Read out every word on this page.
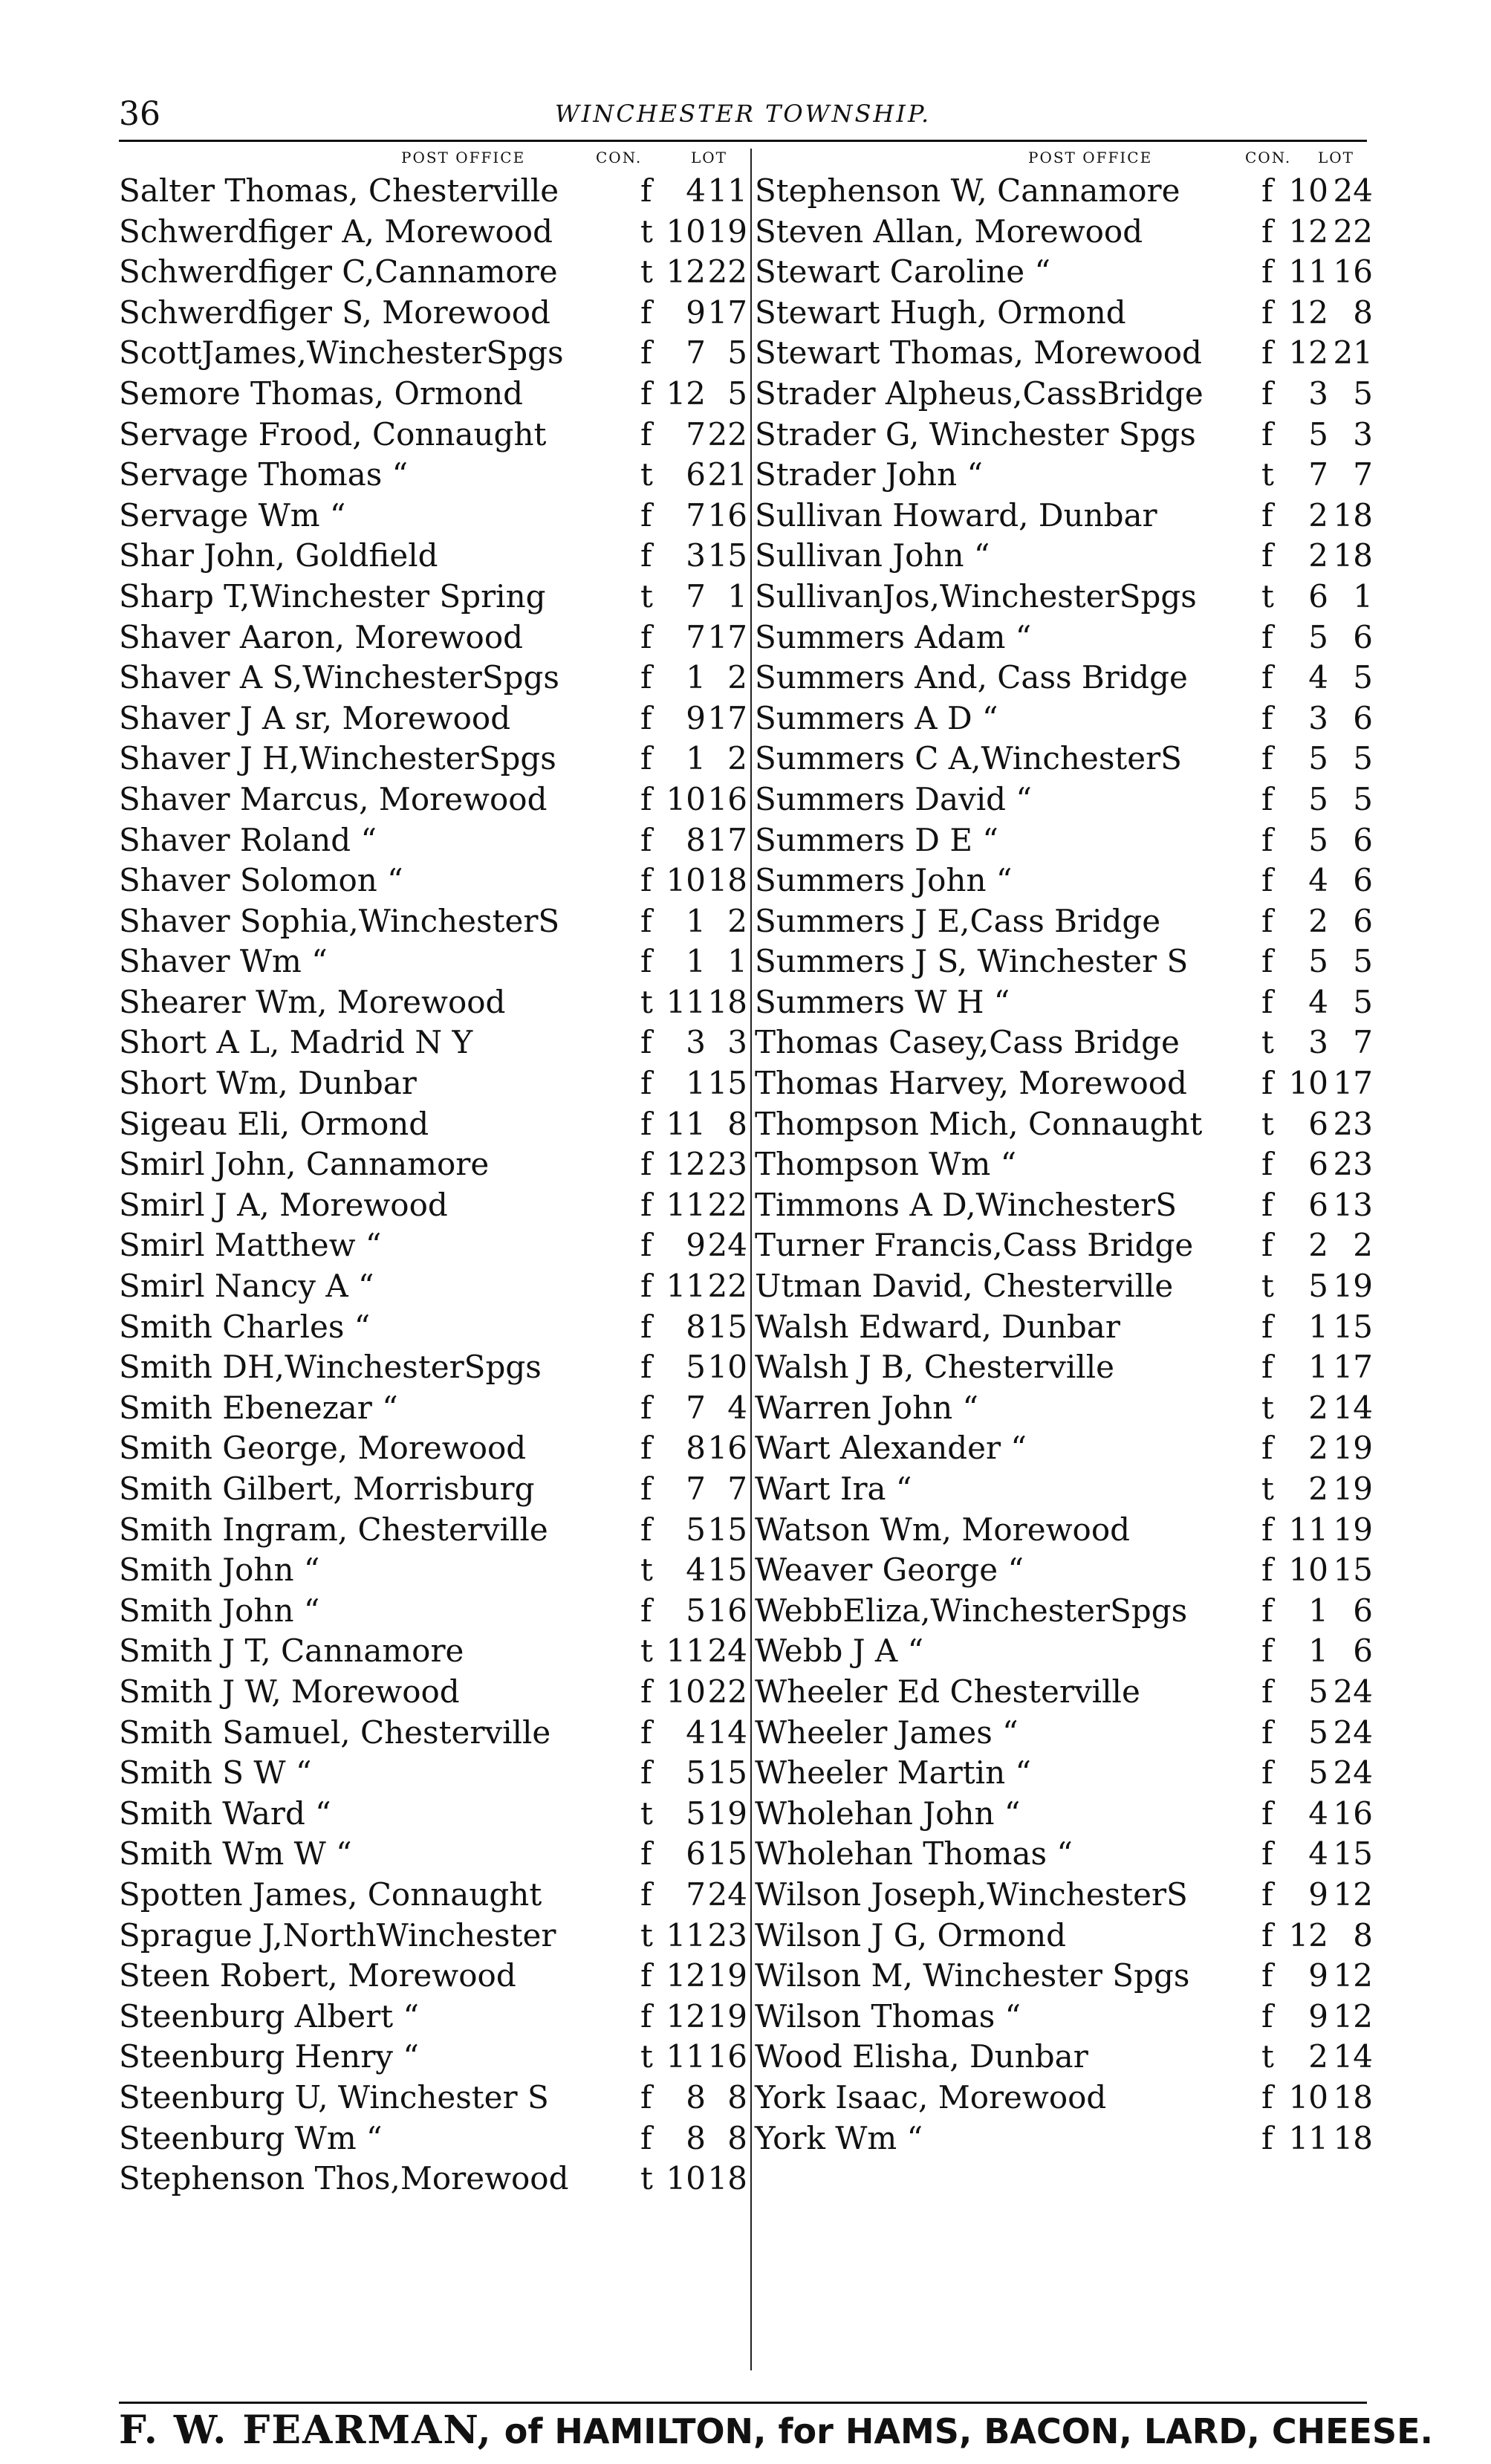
36	WINCHESTER TOWNSHIP.
POST OFFICE	CON.	LOT
Salter Thomas, Chesterville	f	4 11
Schwerdfiger A, Morewood	t 10 19
Schwerdfiger C,Cannamore	t 12 22
Schwerdfiger S, Morewood	f	9 17
ScottJames,WinchesterSpgs f	7 5
Semore Thomas, Ormond	f 12 5
Servage Frood, Connaught	f	7 22
Servage Thomas “	t	6 21
Servage Wm “	f	7 16
Shar John, Goldfield	f	3 15
Sharp T,Winchester Spring	t	7 1
Shaver Aaron, Morewood	f	7 17
Shaver A S,WinchesterSpgs	f	1 2
Shaver J A sr, Morewood	f	9 17
Shaver J H,WinchesterSpgs	f	1 2
Shaver Marcus, Morewood	f 10 16
Shaver Roland “	f	8 17
Shaver Solomon “	f 10 18
Shaver Sophia,WinchesterS	f	1 2
Shaver Wm “	f	1 1
Shearer Wm, Morewood	t 11 18
Short A L, Madrid N Y	f	3 3
Short Wm, Dunbar	f	1 15
Sigeau Eli, Ormond	f 11 8
Smirl John, Cannamore	f 12 23
Smirl J A, Morewood	f 11 22
Smirl Matthew “	f	9 24
Smirl Nancy A “	f 11 22
Smith Charles “	f	8 15
Smith DH,WinchesterSpgs	f	5 10
Smith Ebenezar “	f	7 4
Smith George, Morewood	f	8 16
Smith Gilbert, Morrisburg	f	7 7
Smith Ingram, Chesterville	f	5 15
Smith John “	t	4 15
Smith John “	f	5 16
Smith J T, Cannamore	t 11 24
Smith J W, Morewood	f 10 22
Smith Samuel, Chesterville	f	4 14
Smith S W “	f	5 15
Smith Ward “	t	5 19
Smith Wm W “	f	6 15
Spotten James, Connaught	f	7 24
Sprague J,NorthWinchester	t 11 23
Steen Robert, Morewood	f 12 19
Steenburg Albert “	f 12 19
Steenburg Henry “	t 11 16
Steenburg U, Winchester S	f	8 8
Steenburg Wm “	f	8 8
Stephenson Thos,Morewood t 10 18
POST OFFICE	CON. LOT
Stephenson W, Cannamore	f 10 24
Steven Allan, Morewood	f 12 22
Stewart Caroline “	f 11 16
Stewart Hugh, Ormond	f 12 8
Stewart Thomas, Morewood f 12 21
Strader Alpheus,CassBridge f	3 5
Strader G, Winchester Spgs f	5 3
Strader John “	t	7 7
Sullivan Howard, Dunbar	f	2 18
Sullivan John “	f	2 18
SullivanJos,WinchesterSpgs t	6 1
Summers Adam “	f	5 6
Summers And, Cass Bridge f	4 5
Summers A D “	f	3 6
Summers C A,WinchesterS	f	5 5
Summers David “	f	5 5
Summers D E “	f	5 6
Summers John “	f	4 6
Summers J E,Cass Bridge	f	2 6
Summers J S, Winchester S f	5 5
Summers W H “	f	4 5
Thomas Casey,Cass Bridge	t	3 7
Thomas Harvey, Morewood f 10 17
Thompson Mich, Connaught t	6 23
Thompson Wm “	f	6 23
Timmons A D,WinchesterS	f	6 13
Turner Francis,Cass Bridge f	2 2
Utman David, Chesterville	t	5 19
Walsh Edward, Dunbar	f	1 15
Walsh J B, Chesterville	f	1 17
Warren John “	t	2 14
Wart Alexander “	f	2 19
Wart Ira “	t	2 19
Watson Wm, Morewood	f 11 19
Weaver George “	f 10 15
WebbEliza,WinchesterSpgs f	1 6
Webb J A “	f	1 6
Wheeler Ed Chesterville	f	5 24
Wheeler James “	f	5 24
Wheeler Martin “	f	5 24
Wholehan John “	f	4 16
Wholehan Thomas “	f	4 15
Wilson Joseph,WinchesterS f	9 12
Wilson J G, Ormond	f 12 8
Wilson M, Winchester Spgs f	9 12
Wilson Thomas “	f	9 12
Wood Elisha, Dunbar	t	2 14
York Isaac, Morewood	f 10 18
York Wm “	f 11 18
F. W. FEARMAN, of HAMILTON, for HAMS, BACON, LARD, CHEESE.
